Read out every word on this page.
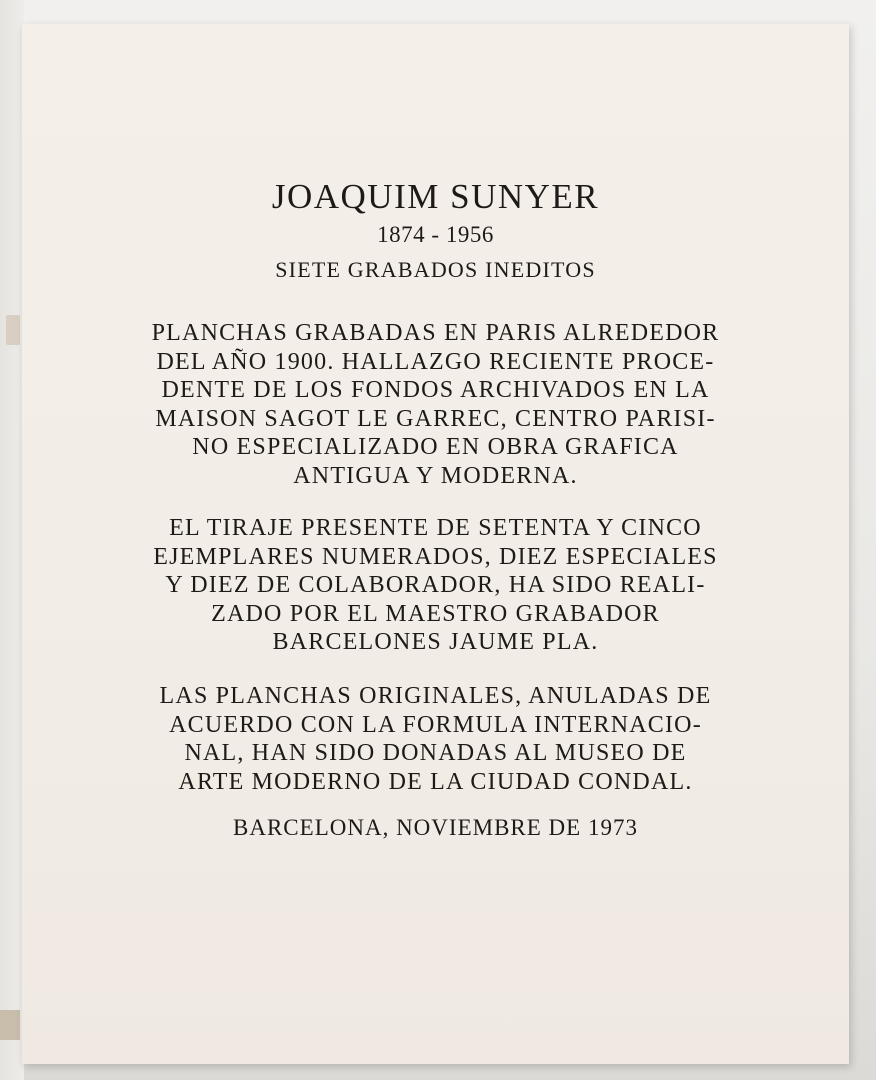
JOAQUIM SUNYER
1874 - 1956
SIETE GRABADOS INEDITOS
PLANCHAS GRABADAS EN PARIS ALREDEDOR
DEL AÑO 1900. HALLAZGO RECIENTE PROCE-
DENTE DE LOS FONDOS ARCHIVADOS EN LA
MAISON SAGOT LE GARREC, CENTRO PARISI-
NO ESPECIALIZADO EN OBRA GRAFICA
ANTIGUA Y MODERNA.
EL TIRAJE PRESENTE DE SETENTA Y CINCO
EJEMPLARES NUMERADOS, DIEZ ESPECIALES
Y DIEZ DE COLABORADOR, HA SIDO REALI-
ZADO POR EL MAESTRO GRABADOR
BARCELONES JAUME PLA.
LAS PLANCHAS ORIGINALES, ANULADAS DE
ACUERDO CON LA FORMULA INTERNACIO-
NAL, HAN SIDO DONADAS AL MUSEO DE
ARTE MODERNO DE LA CIUDAD CONDAL.
BARCELONA, NOVIEMBRE DE 1973
